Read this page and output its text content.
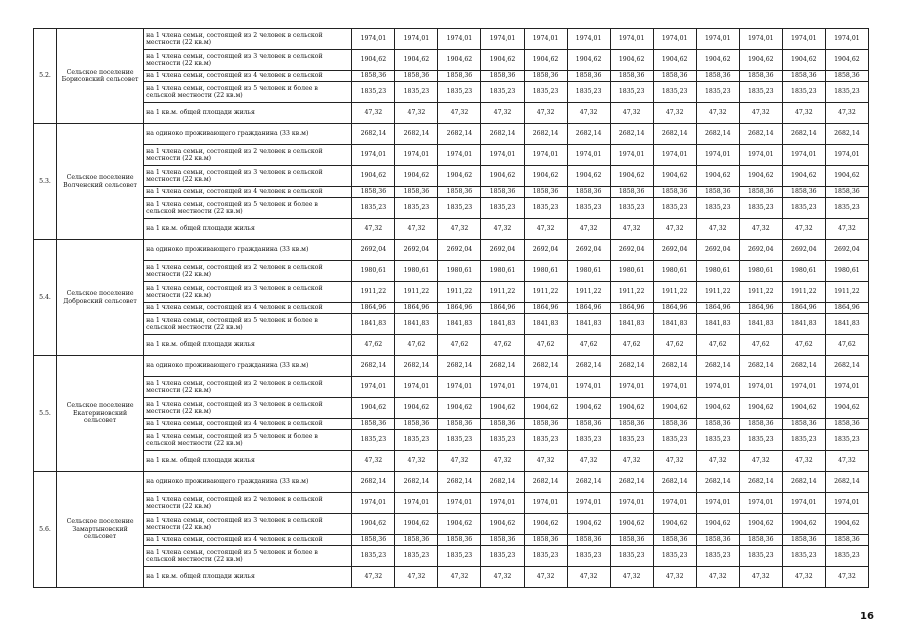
5.2.	Сельское поселение Борисовский сельсовет	на 1 члена семьи, состоящей из 2 человек в сельской местности (22 кв.м)	1974,01	1974,01	1974,01	1974,01	1974,01	1974,01	1974,01	1974,01	1974,01	1974,01	1974,01	1974,01
		на 1 члена семьи, состоящей из 3 человек в сельской местности (22 кв.м)	1904,62	1904,62	1904,62	1904,62	1904,62	1904,62	1904,62	1904,62	1904,62	1904,62	1904,62	1904,62
		на 1 члена семьи, состоящей из 4 человек в сельской	1858,36	1858,36	1858,36	1858,36	1858,36	1858,36	1858,36	1858,36	1858,36	1858,36	1858,36	1858,36
		на 1 члена семьи, состоящей из 5 человек и более в сельской местности (22 кв.м)	1835,23	1835,23	1835,23	1835,23	1835,23	1835,23	1835,23	1835,23	1835,23	1835,23	1835,23	1835,23
		на 1 кв.м. общей площади жилья	47,32	47,32	47,32	47,32	47,32	47,32	47,32	47,32	47,32	47,32	47,32	47,32
5.3.	Сельское поселение Волченский сельсовет	на одиноко проживающего гражданина (33 кв.м)	2682,14	2682,14	2682,14	2682,14	2682,14	2682,14	2682,14	2682,14	2682,14	2682,14	2682,14	2682,14
		на 1 члена семьи, состоящей из 2 человек в сельской местности (22 кв.м)	1974,01	1974,01	1974,01	1974,01	1974,01	1974,01	1974,01	1974,01	1974,01	1974,01	1974,01	1974,01
		на 1 члена семьи, состоящей из 3 человек в сельской местности (22 кв.м)	1904,62	1904,62	1904,62	1904,62	1904,62	1904,62	1904,62	1904,62	1904,62	1904,62	1904,62	1904,62
		на 1 члена семьи, состоящей из 4 человек в сельской	1858,36	1858,36	1858,36	1858,36	1858,36	1858,36	1858,36	1858,36	1858,36	1858,36	1858,36	1858,36
		на 1 члена семьи, состоящей из 5 человек и более в сельской местности (22 кв.м)	1835,23	1835,23	1835,23	1835,23	1835,23	1835,23	1835,23	1835,23	1835,23	1835,23	1835,23	1835,23
		на 1 кв.м. общей площади жилья	47,32	47,32	47,32	47,32	47,32	47,32	47,32	47,32	47,32	47,32	47,32	47,32
5.4.	Сельское поселение Добровский сельсовет	на одиноко проживающего гражданина (33 кв.м)	2692,04	2692,04	2692,04	2692,04	2692,04	2692,04	2692,04	2692,04	2692,04	2692,04	2692,04	2692,04
		на 1 члена семьи, состоящей из 2 человек в сельской местности (22 кв.м)	1980,61	1980,61	1980,61	1980,61	1980,61	1980,61	1980,61	1980,61	1980,61	1980,61	1980,61	1980,61
		на 1 члена семьи, состоящей из 3 человек в сельской местности (22 кв.м)	1911,22	1911,22	1911,22	1911,22	1911,22	1911,22	1911,22	1911,22	1911,22	1911,22	1911,22	1911,22
		на 1 члена семьи, состоящей из 4 человек в сельской	1864,96	1864,96	1864,96	1864,96	1864,96	1864,96	1864,96	1864,96	1864,96	1864,96	1864,96	1864,96
		на 1 члена семьи, состоящей из 5 человек и более в сельской местности (22 кв.м)	1841,83	1841,83	1841,83	1841,83	1841,83	1841,83	1841,83	1841,83	1841,83	1841,83	1841,83	1841,83
		на 1 кв.м. общей площади жилья	47,62	47,62	47,62	47,62	47,62	47,62	47,62	47,62	47,62	47,62	47,62	47,62
5.5.	Сельское поселение Екатериновский сельсовет	на одиноко проживающего гражданина (33 кв.м)	2682,14	2682,14	2682,14	2682,14	2682,14	2682,14	2682,14	2682,14	2682,14	2682,14	2682,14	2682,14
		на 1 члена семьи, состоящей из 2 человек в сельской местности (22 кв.м)	1974,01	1974,01	1974,01	1974,01	1974,01	1974,01	1974,01	1974,01	1974,01	1974,01	1974,01	1974,01
		на 1 члена семьи, состоящей из 3 человек в сельской местности (22 кв.м)	1904,62	1904,62	1904,62	1904,62	1904,62	1904,62	1904,62	1904,62	1904,62	1904,62	1904,62	1904,62
		на 1 члена семьи, состоящей из 4 человек в сельской	1858,36	1858,36	1858,36	1858,36	1858,36	1858,36	1858,36	1858,36	1858,36	1858,36	1858,36	1858,36
		на 1 члена семьи, состоящей из 5 человек и более в сельской местности (22 кв.м)	1835,23	1835,23	1835,23	1835,23	1835,23	1835,23	1835,23	1835,23	1835,23	1835,23	1835,23	1835,23
		на 1 кв.м. общей площади жилья	47,32	47,32	47,32	47,32	47,32	47,32	47,32	47,32	47,32	47,32	47,32	47,32
5.6.	Сельское поселение Замартыновский сельсовет	на одиноко проживающего гражданина (33 кв.м)	2682,14	2682,14	2682,14	2682,14	2682,14	2682,14	2682,14	2682,14	2682,14	2682,14	2682,14	2682,14
		на 1 члена семьи, состоящей из 2 человек в сельской местности (22 кв.м)	1974,01	1974,01	1974,01	1974,01	1974,01	1974,01	1974,01	1974,01	1974,01	1974,01	1974,01	1974,01
		на 1 члена семьи, состоящей из 3 человек в сельской местности (22 кв.м)	1904,62	1904,62	1904,62	1904,62	1904,62	1904,62	1904,62	1904,62	1904,62	1904,62	1904,62	1904,62
		на 1 члена семьи, состоящей из 4 человек в сельской	1858,36	1858,36	1858,36	1858,36	1858,36	1858,36	1858,36	1858,36	1858,36	1858,36	1858,36	1858,36
		на 1 члена семьи, состоящей из 5 человек и более в сельской местности (22 кв.м)	1835,23	1835,23	1835,23	1835,23	1835,23	1835,23	1835,23	1835,23	1835,23	1835,23	1835,23	1835,23
		на 1 кв.м. общей площади жилья	47,32	47,32	47,32	47,32	47,32	47,32	47,32	47,32	47,32	47,32	47,32	47,32
16
